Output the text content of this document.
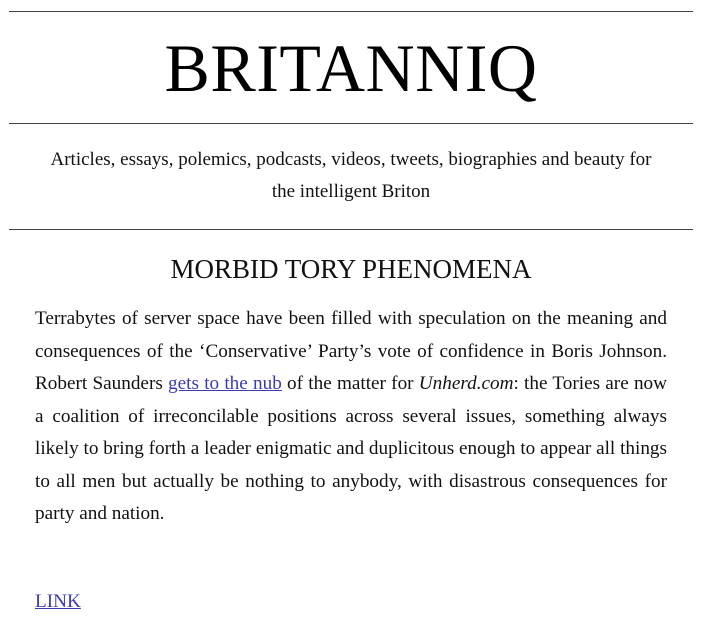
BRITANNIQ
Articles, essays, polemics, podcasts, videos, tweets, biographies and beauty for the intelligent Briton
MORBID TORY PHENOMENA
Terrabytes of server space have been filled with speculation on the meaning and consequences of the ‘Conservative’ Party’s vote of confidence in Boris Johnson. Robert Saunders gets to the nub of the matter for Unherd.com: the Tories are now a coalition of irreconcilable positions across several issues, something always likely to bring forth a leader enigmatic and duplicitous enough to appear all things to all men but actually be nothing to anybody, with disastrous consequences for party and nation.
LINK
